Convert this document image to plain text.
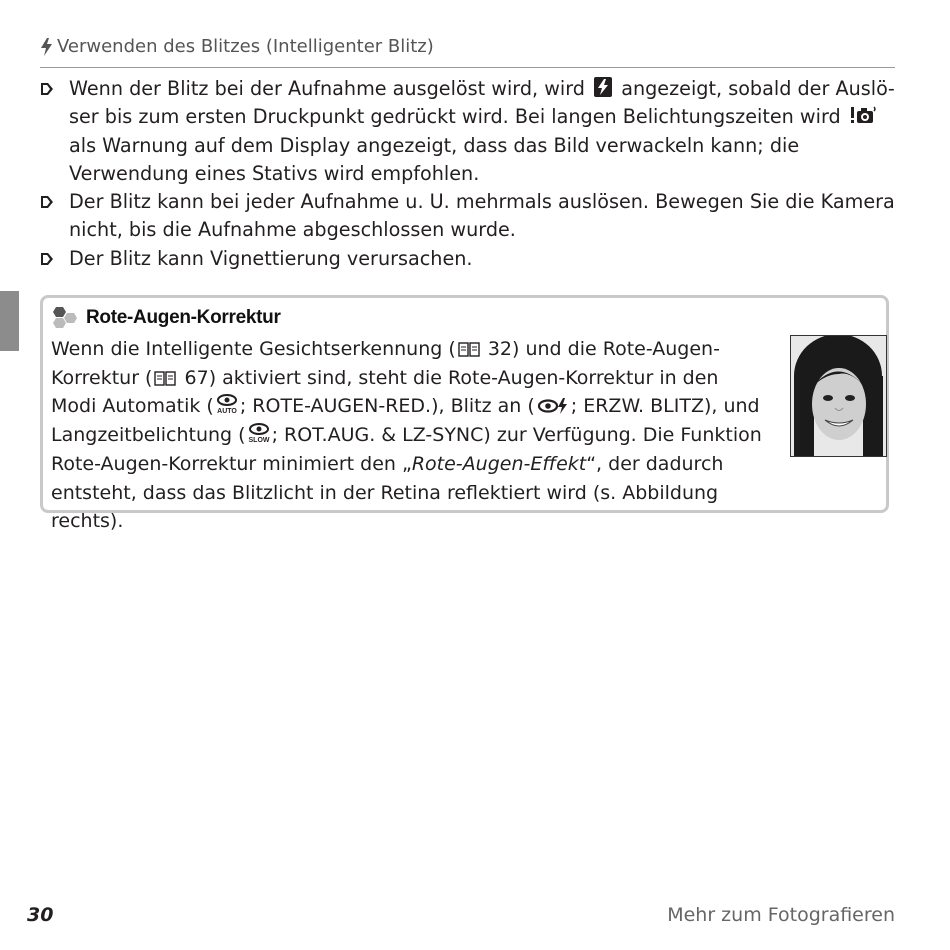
Verwenden des Blitzes (Intelligenter Blitz)
Wenn der Blitz bei der Aufnahme ausgelöst wird, wird angezeigt, sobald der Auslöser bis zum ersten Druckpunkt gedrückt wird. Bei langen Belichtungszeiten wird  als Warnung auf dem Display angezeigt, dass das Bild verwackeln kann; die Verwendung eines Stativs wird empfohlen.
Der Blitz kann bei jeder Aufnahme u. U. mehrmals auslösen. Bewegen Sie die Kamera nicht, bis die Aufnahme abgeschlossen wurde.
Der Blitz kann Vignettierung verursachen.
Rote-Augen-Korrektur

Wenn die Intelligente Gesichtserkennung ( 32) und die Rote-Augen-Korrektur ( 67) aktiviert sind, steht die Rote-Augen-Korrektur in den Modi Automatik ( AUTO ; ROTE-AUGEN-RED.), Blitz an ( ; ERZW. BLITZ), und Langzeitbelichtung ( SLOW ; ROT.AUG. & LZ-SYNC) zur Verfügung. Die Funktion Rote-Augen-Korrektur minimiert den „Rote-Augen-Effekt“, der dadurch entsteht, dass das Blitzlicht in der Retina reflektiert wird (s. Abbildung rechts).

30	Mehr zum Fotografieren
